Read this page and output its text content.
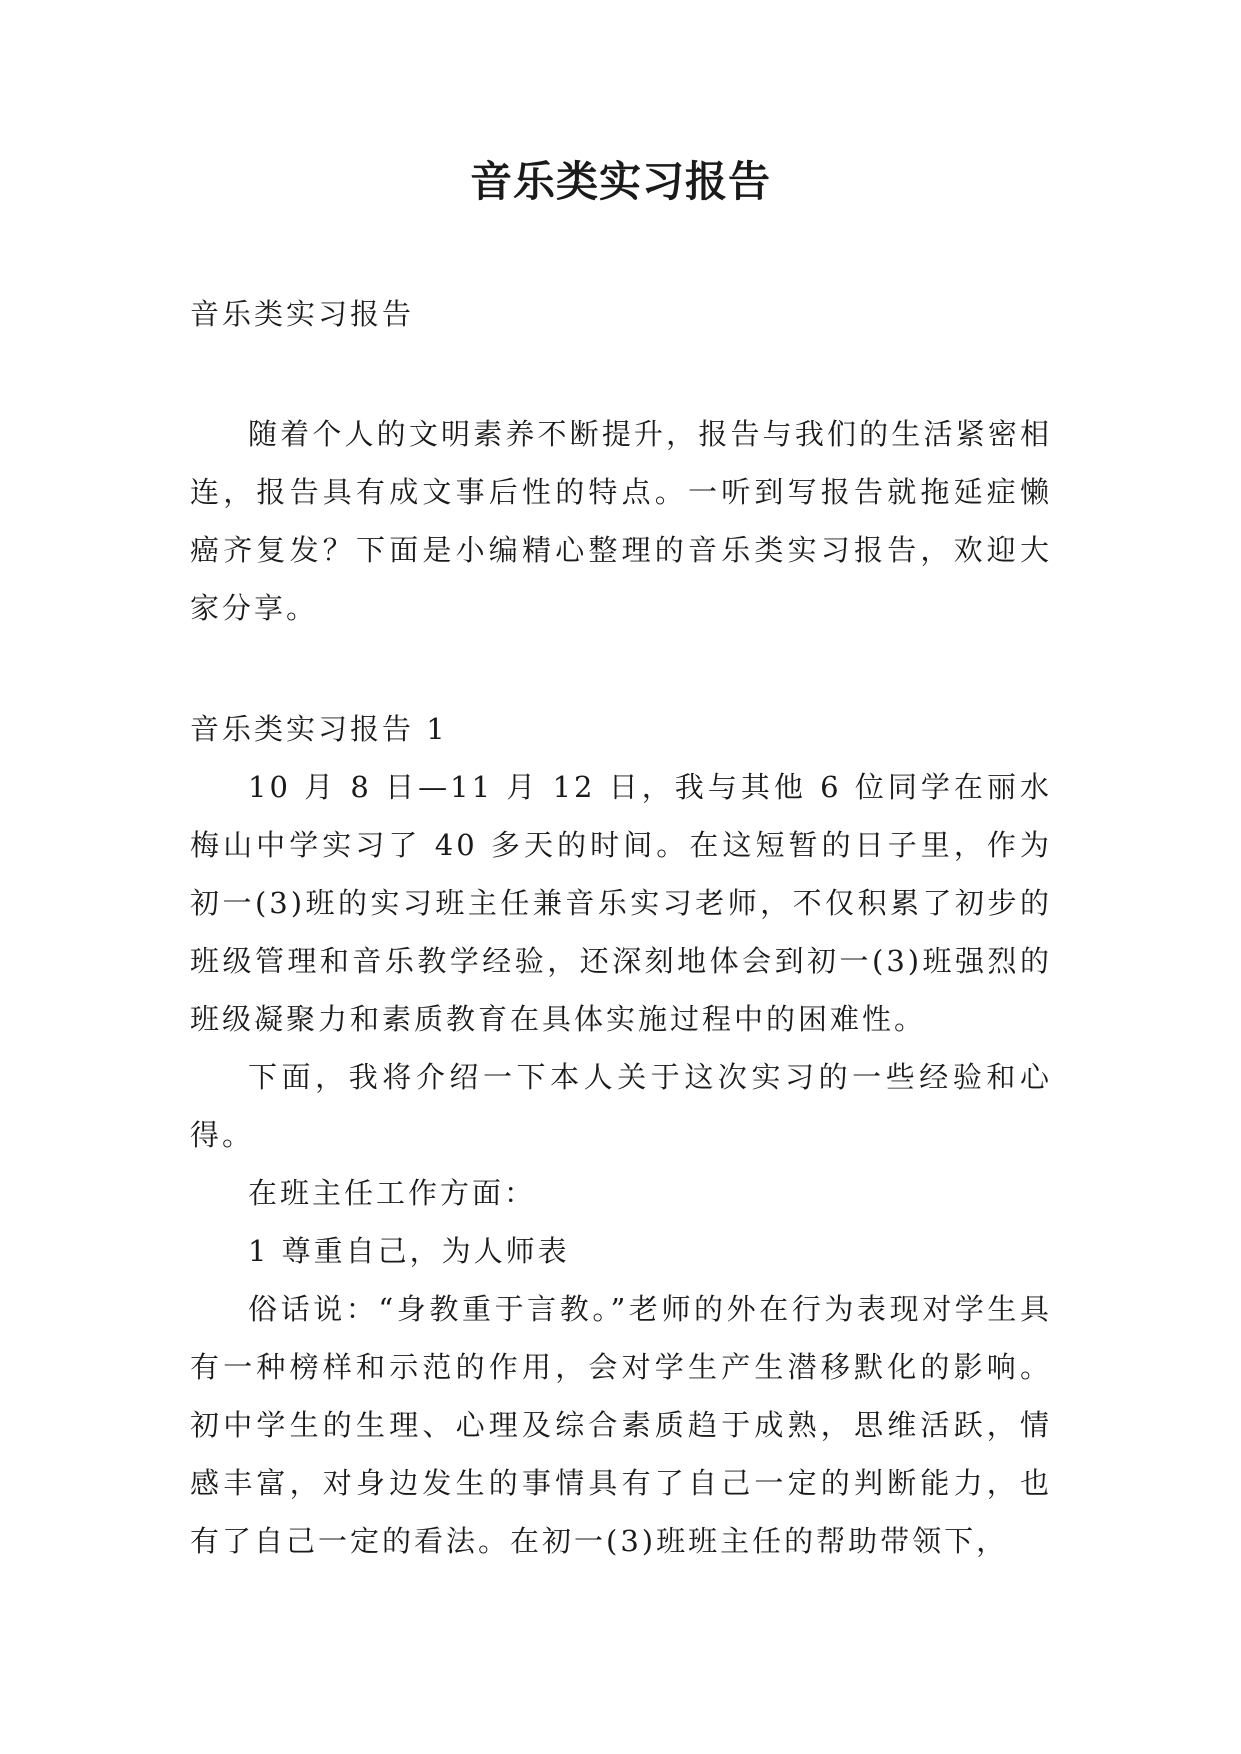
音乐类实习报告
音乐类实习报告

随着个人的文明素养不断提升，报告与我们的生活紧密相连，报告具有成文事后性的特点。一听到写报告就拖延症懒癌齐复发？下面是小编精心整理的音乐类实习报告，欢迎大家分享。

音乐类实习报告 1

10 月 8 日—11 月 12 日，我与其他 6 位同学在丽水梅山中学实习了 40 多天的时间。在这短暂的日子里，作为初一(3)班的实习班主任兼音乐实习老师，不仅积累了初步的班级管理和音乐教学经验，还深刻地体会到初一(3)班强烈的班级凝聚力和素质教育在具体实施过程中的困难性。

下面，我将介绍一下本人关于这次实习的一些经验和心得。

在班主任工作方面：

1 尊重自己，为人师表

俗话说：“身教重于言教。”老师的外在行为表现对学生具有一种榜样和示范的作用，会对学生产生潜移默化的影响。初中学生的生理、心理及综合素质趋于成熟，思维活跃，情感丰富，对身边发生的事情具有了自己一定的判断能力，也有了自己一定的看法。在初一(3)班班主任的帮助带领下，
